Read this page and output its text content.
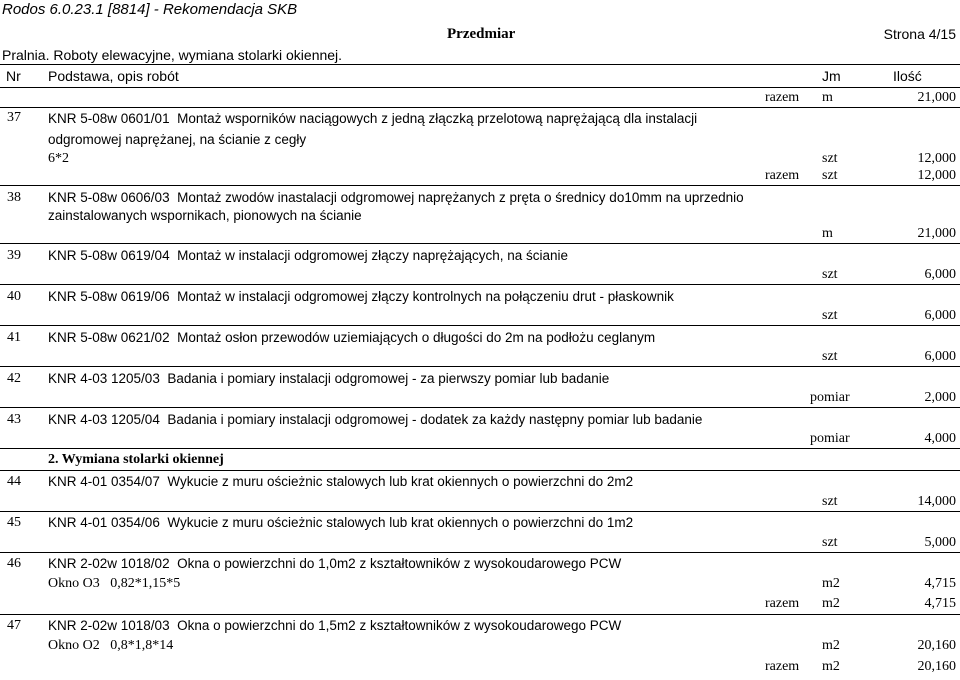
Rodos 6.0.23.1 [8814] - Rekomendacja SKB
Przedmiar	Strona 4/15
Pralnia. Roboty elewacyjne, wymiana stolarki okiennej.
Nr Podstawa, opis robót	Jm	Ilość
razem m	21,000
37 KNR 5-08w 0601/01 Montaż wsporników naciągowych z jedną złączką przelotową naprężającą dla instalacji odgromowej naprężanej, na ścianie z cegły
6*2	szt	12,000
razem szt	12,000
38 KNR 5-08w 0606/03 Montaż zwodów inastalacji odgromowej naprężanych z pręta o średnicy do10mm na uprzednio zainstalowanych wspornikach, pionowych na ścianie
m	21,000
39 KNR 5-08w 0619/04 Montaż w instalacji odgromowej złączy naprężających, na ścianie
szt	6,000
40 KNR 5-08w 0619/06 Montaż w instalacji odgromowej złączy kontrolnych na połączeniu drut - płaskownik
szt	6,000
41 KNR 5-08w 0621/02 Montaż osłon przewodów uziemiających o długości do 2m na podłożu ceglanym
szt	6,000
42 KNR 4-03 1205/03 Badania i pomiary instalacji odgromowej - za pierwszy pomiar lub badanie
pomiar	2,000
43 KNR 4-03 1205/04 Badania i pomiary instalacji odgromowej - dodatek za każdy następny pomiar lub badanie
pomiar	4,000
2. Wymiana stolarki okiennej
44 KNR 4-01 0354/07 Wykucie z muru ościeżnic stalowych lub krat okiennych o powierzchni do 2m2
szt	14,000
45 KNR 4-01 0354/06 Wykucie z muru ościeżnic stalowych lub krat okiennych o powierzchni do 1m2
szt	5,000
46 KNR 2-02w 1018/02 Okna o powierzchni do 1,0m2 z kształtowników z wysokoudarowego PCW
Okno O3   0,82*1,15*5	m2	4,715
razem m2	4,715
47 KNR 2-02w 1018/03 Okna o powierzchni do 1,5m2 z kształtowników z wysokoudarowego PCW
Okno O2   0,8*1,8*14	m2	20,160
razem m2	20,160
